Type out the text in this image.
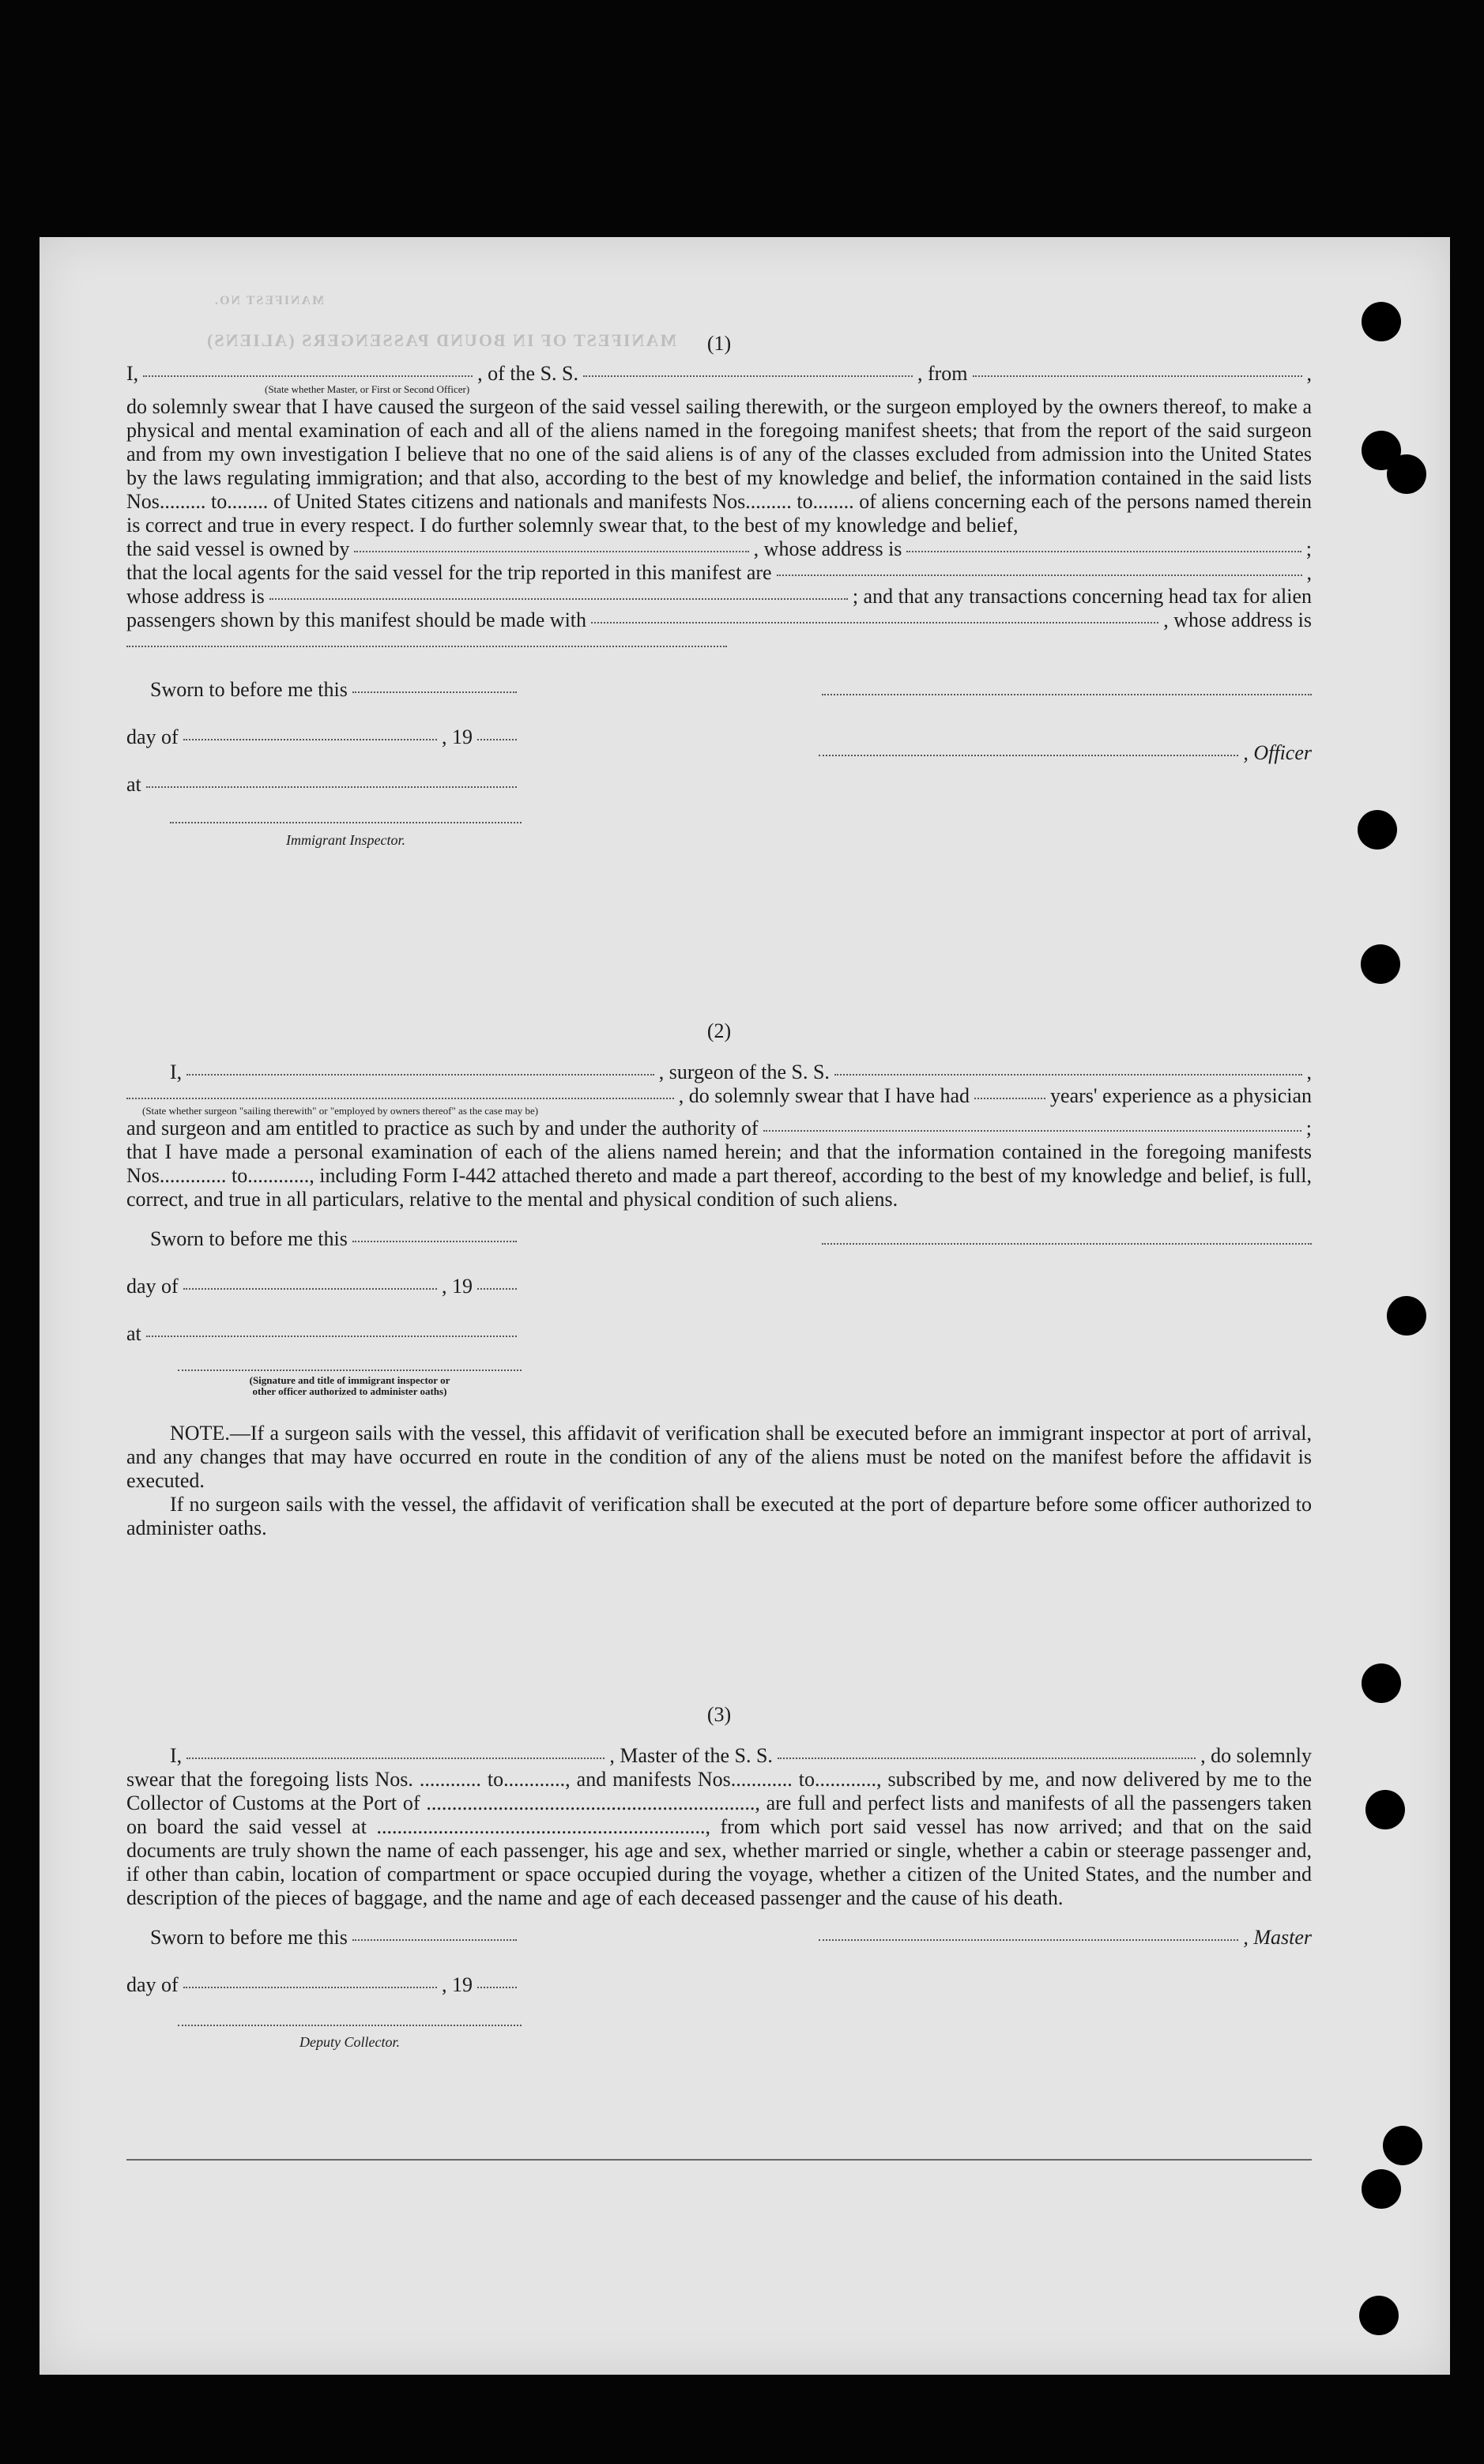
MANIFEST OF IN BOUND PASSENGERS (ALIENS)
MANIFEST NO.

(1)

I,	, of the S. S.	, from	,
(State whether Master, or First or Second Officer)

do solemnly swear that I have caused the surgeon of the said vessel sailing therewith, or the surgeon employed by the owners thereof, to make a physical and mental examination of each and all of the aliens named in the foregoing manifest sheets; that from the report of the said surgeon and from my own investigation I believe that no one of the said aliens is of any of the classes excluded from admission into the United States by the laws regulating immigration; and that also, according to the best of my knowledge and belief, the information contained in the said lists Nos......... to........ of United States citizens and nationals and manifests Nos......... to........ of aliens concerning each of the persons named therein is correct and true in every respect. I do further solemnly swear that, to the best of my knowledge and belief,

the said vessel is owned by	, whose address is	;
that the local agents for the said vessel for the trip reported in this manifest are	,
whose address is	; and that any transactions concerning head tax for alien
passengers shown by this manifest should be made with	, whose address is
Sworn to before me this
day of	, 19
at
Immigrant Inspector.
, Officer

(2)

I,	, surgeon of the S. S.	,
, do solemnly swear that I have had	years' experience as a physician
(State whether surgeon "sailing therewith" or "employed by owners thereof" as the case may be)
and surgeon and am entitled to practice as such by and under the authority of	;

that I have made a personal examination of each of the aliens named herein; and that the information contained in the foregoing manifests Nos............. to............, including Form I-442 attached thereto and made a part thereof, according to the best of my knowledge and belief, is full, correct, and true in all particulars, relative to the mental and physical condition of such aliens.

Sworn to before me this
day of	, 19
at
(Signature and title of immigrant inspector or
other officer authorized to administer oaths)

NOTE.—If a surgeon sails with the vessel, this affidavit of verification shall be executed before an immigrant inspector at port of arrival, and any changes that may have occurred en route in the condition of any of the aliens must be noted on the manifest before the affidavit is executed.

If no surgeon sails with the vessel, the affidavit of verification shall be executed at the port of departure before some officer authorized to administer oaths.

(3)

I,	, Master of the S. S.	, do solemnly

swear that the foregoing lists Nos. ............ to............, and manifests Nos............ to............, subscribed by me, and now delivered by me to the Collector of Customs at the Port of ................................................................, are full and perfect lists and manifests of all the passengers taken on board the said vessel at ................................................................, from which port said vessel has now arrived; and that on the said documents are truly shown the name of each passenger, his age and sex, whether married or single, whether a cabin or steerage passenger and, if other than cabin, location of compartment or space occupied during the voyage, whether a citizen of the United States, and the number and description of the pieces of baggage, and the name and age of each deceased passenger and the cause of his death.

Sworn to before me this	, Master
day of	, 19
Deputy Collector.
